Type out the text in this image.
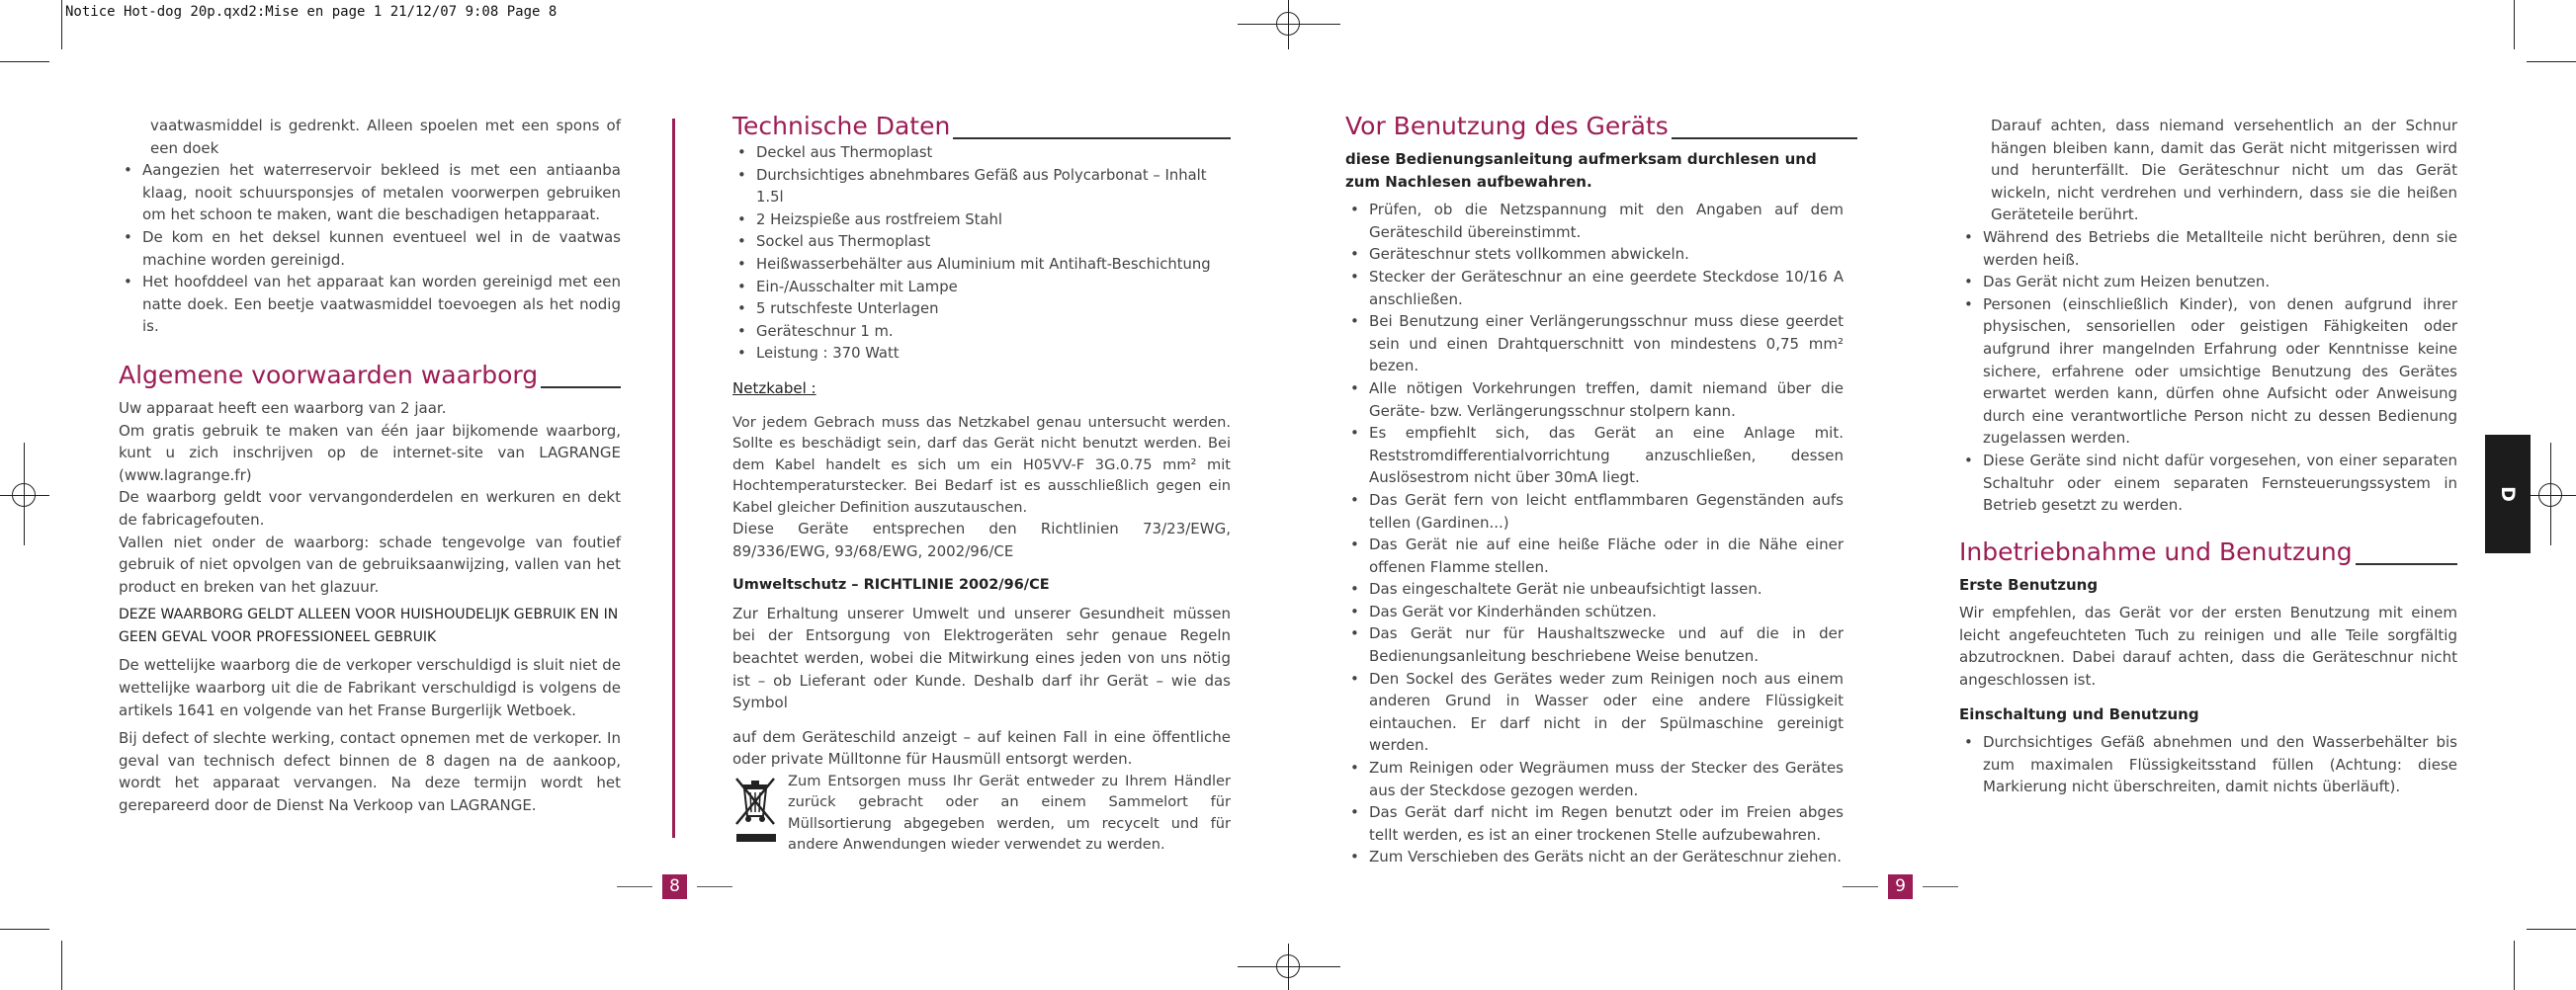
Notice Hot-dog 20p.qxd2:Mise en page 1 21/12/07 9:08 Page 8

vaatwasmiddel is gedrenkt. Alleen spoelen met een spons of een doek

• Aangezien het waterreservoir bekleed is met een antiaanba klaag, nooit schuursponsjes of metalen voorwerpen gebruiken om het schoon te maken, want die beschadigen hetapparaat.
• De kom en het deksel kunnen eventueel wel in de vaatwas machine worden gereinigd.
• Het hoofddeel van het apparaat kan worden gereinigd met een natte doek. Een beetje vaatwasmiddel toevoegen als het nodig is.
Algemene voorwaarden waarborg

Uw apparaat heeft een waarborg van 2 jaar.

Om gratis gebruik te maken van één jaar bijkomende waarborg, kunt u zich inschrijven op de internet-site van LAGRANGE (www.lagrange.fr)

De waarborg geldt voor vervangonderdelen en werkuren en dekt de fabricagefouten.

Vallen niet onder de waarborg: schade tengevolge van foutief gebruik of niet opvolgen van de gebruiksaanwijzing, vallen van het product en breken van het glazuur.

DEZE WAARBORG GELDT ALLEEN VOOR HUISHOUDELIJK GEBRUIK EN IN GEEN GEVAL VOOR PROFESSIONEEL GEBRUIK

De wettelijke waarborg die de verkoper verschuldigd is sluit niet de wettelijke waarborg uit die de Fabrikant verschuldigd is volgens de artikels 1641 en volgende van het Franse Burgerlijk Wetboek.

Bij defect of slechte werking, contact opnemen met de verkoper. In geval van technisch defect binnen de 8 dagen na de aankoop, wordt het apparaat vervangen. Na deze termijn wordt het gerepareerd door de Dienst Na Verkoop van LAGRANGE.

Technische Daten
• Deckel aus Thermoplast
• Durchsichtiges abnehmbares Gefäß aus Polycarbonat – Inhalt 1.5l
• 2 Heizspieße aus rostfreiem Stahl
• Sockel aus Thermoplast
• Heißwasserbehälter aus Aluminium mit Antihaft-Beschichtung
• Ein-/Ausschalter mit Lampe
• 5 rutschfeste Unterlagen
• Geräteschnur 1 m.
• Leistung : 370 Watt

Netzkabel :

Vor jedem Gebrach muss das Netzkabel genau untersucht werden. Sollte es beschädigt sein, darf das Gerät nicht benutzt werden. Bei dem Kabel handelt es sich um ein H05VV-F 3G.0.75 mm² mit Hochtemperaturstecker. Bei Bedarf ist es ausschließlich gegen ein Kabel gleicher Definition auszutauschen.

Diese Geräte entsprechen den Richtlinien 73/23/EWG, 89/336/EWG, 93/68/EWG, 2002/96/CE

Umweltschutz – RICHTLINIE 2002/96/CE

Zur Erhaltung unserer Umwelt und unserer Gesundheit müssen bei der Entsorgung von Elektrogeräten sehr genaue Regeln beachtet werden, wobei die Mitwirkung eines jeden von uns nötig ist – ob Lieferant oder Kunde. Deshalb darf ihr Gerät – wie das Symbol

auf dem Geräteschild anzeigt – auf keinen Fall in eine öffentliche oder private Mülltonne für Hausmüll entsorgt werden.

Zum Entsorgen muss Ihr Gerät entweder zu Ihrem Händler zurück gebracht oder an einem Sammelort für Müllsortierung abgegeben werden, um recycelt und für andere Anwendungen wieder verwendet zu werden.
8
Vor Benutzung des Geräts

diese Bedienungsanleitung aufmerksam durchlesen und zum Nachlesen aufbewahren.

• Prüfen, ob die Netzspannung mit den Angaben auf dem Geräteschild übereinstimmt.
• Geräteschnur stets vollkommen abwickeln.
• Stecker der Geräteschnur an eine geerdete Steckdose 10/16 A anschließen.
• Bei Benutzung einer Verlängerungsschnur muss diese geerdet sein und einen Drahtquerschnitt von mindestens 0,75 mm² bezen.
• Alle nötigen Vorkehrungen treffen, damit niemand über die Geräte- bzw. Verlängerungsschnur stolpern kann.
• Es empfiehlt sich, das Gerät an eine Anlage mit. Reststromdifferentialvorrichtung anzuschließen, dessen Auslösestrom nicht über 30mA liegt.
• Das Gerät fern von leicht entflammbaren Gegenständen aufs tellen (Gardinen...)
• Das Gerät nie auf eine heiße Fläche oder in die Nähe einer offenen Flamme stellen.
• Das eingeschaltete Gerät nie unbeaufsichtigt lassen.
• Das Gerät vor Kinderhänden schützen.
• Das Gerät nur für Haushaltszwecke und auf die in der Bedienungsanleitung beschriebene Weise benutzen.
• Den Sockel des Gerätes weder zum Reinigen noch aus einem anderen Grund in Wasser oder eine andere Flüssigkeit eintauchen. Er darf nicht in der Spülmaschine gereinigt werden.
• Zum Reinigen oder Wegräumen muss der Stecker des Gerätes aus der Steckdose gezogen werden.
• Das Gerät darf nicht im Regen benutzt oder im Freien abges tellt werden, es ist an einer trockenen Stelle aufzubewahren.
• Zum Verschieben des Geräts nicht an der Geräteschnur ziehen.

Darauf achten, dass niemand versehentlich an der Schnur hängen bleiben kann, damit das Gerät nicht mitgerissen wird und herunterfällt. Die Geräteschnur nicht um das Gerät wickeln, nicht verdrehen und verhindern, dass sie die heißen Geräteteile berührt.

• Während des Betriebs die Metallteile nicht berühren, denn sie werden heiß.
• Das Gerät nicht zum Heizen benutzen.
• Personen (einschließlich Kinder), von denen aufgrund ihrer physischen, sensoriellen oder geistigen Fähigkeiten oder aufgrund ihrer mangelnden Erfahrung oder Kenntnisse keine sichere, erfahrene oder umsichtige Benutzung des Gerätes erwartet werden kann, dürfen ohne Aufsicht oder Anweisung durch eine verantwortliche Person nicht zu dessen Bedienung zugelassen werden.
• Diese Geräte sind nicht dafür vorgesehen, von einer separaten Schaltuhr oder einem separaten Fernsteuerungssystem in Betrieb gesetzt zu werden.
Inbetriebnahme und Benutzung

Erste Benutzung

Wir empfehlen, das Gerät vor der ersten Benutzung mit einem leicht angefeuchteten Tuch zu reinigen und alle Teile sorgfältig abzutrocknen. Dabei darauf achten, dass die Geräteschnur nicht angeschlossen ist.

Einschaltung und Benutzung

• Durchsichtiges Gefäß abnehmen und den Wasserbehälter bis zum maximalen Flüssigkeitsstand füllen (Achtung: diese Markierung nicht überschreiten, damit nichts überläuft).
9
D
